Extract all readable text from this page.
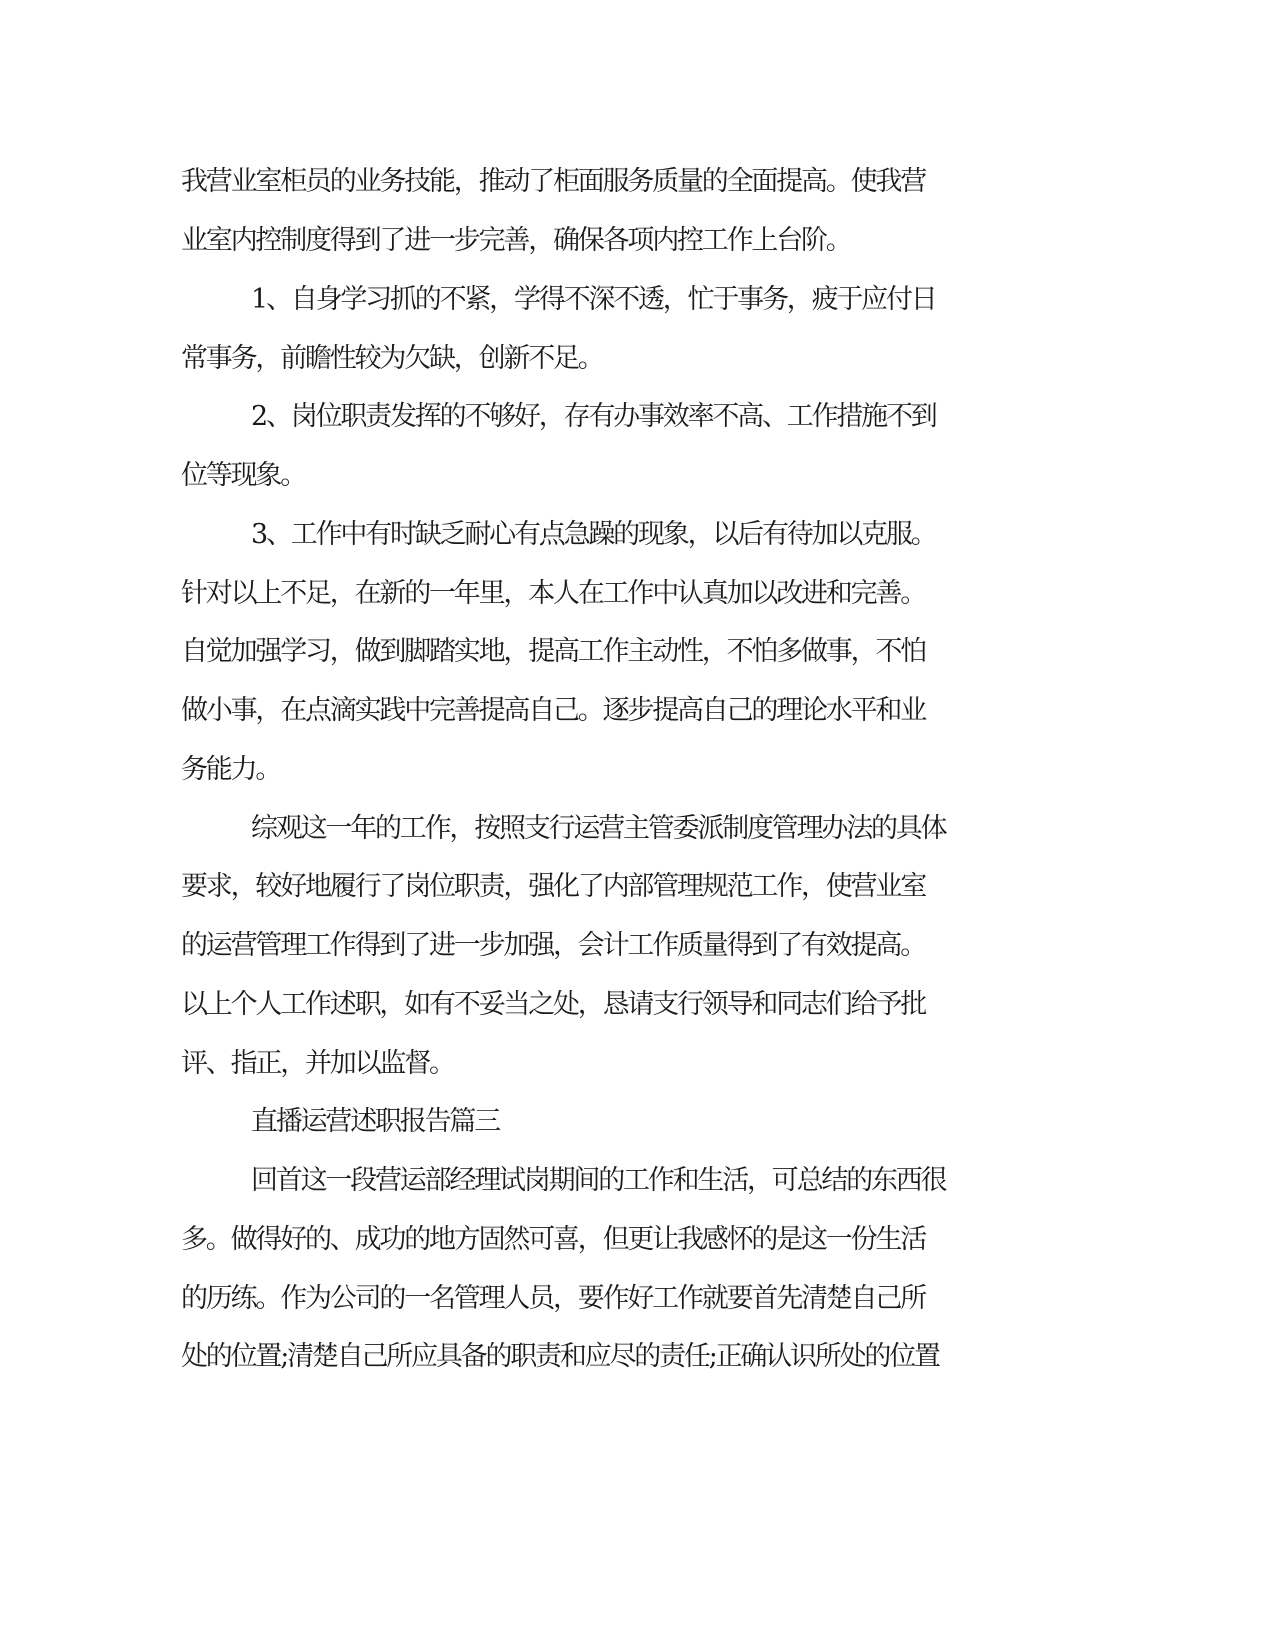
我营业室柜员的业务技能，推动了柜面服务质量的全面提高。使我营
业室内控制度得到了进一步完善，确保各项内控工作上台阶。
1、自身学习抓的不紧，学得不深不透，忙于事务，疲于应付日
常事务，前瞻性较为欠缺，创新不足。
2、岗位职责发挥的不够好，存有办事效率不高、工作措施不到
位等现象。
3、工作中有时缺乏耐心有点急躁的现象，以后有待加以克服。
针对以上不足，在新的一年里，本人在工作中认真加以改进和完善。
自觉加强学习，做到脚踏实地，提高工作主动性，不怕多做事，不怕
做小事，在点滴实践中完善提高自己。逐步提高自己的理论水平和业
务能力。
综观这一年的工作，按照支行运营主管委派制度管理办法的具体
要求，较好地履行了岗位职责，强化了内部管理规范工作，使营业室
的运营管理工作得到了进一步加强，会计工作质量得到了有效提高。
以上个人工作述职，如有不妥当之处，恳请支行领导和同志们给予批
评、指正，并加以监督。
直播运营述职报告篇三
回首这一段营运部经理试岗期间的工作和生活，可总结的东西很
多。做得好的、成功的地方固然可喜，但更让我感怀的是这一份生活
的历练。作为公司的一名管理人员，要作好工作就要首先清楚自己所
处的位置;清楚自己所应具备的职责和应尽的责任;正确认识所处的位置
